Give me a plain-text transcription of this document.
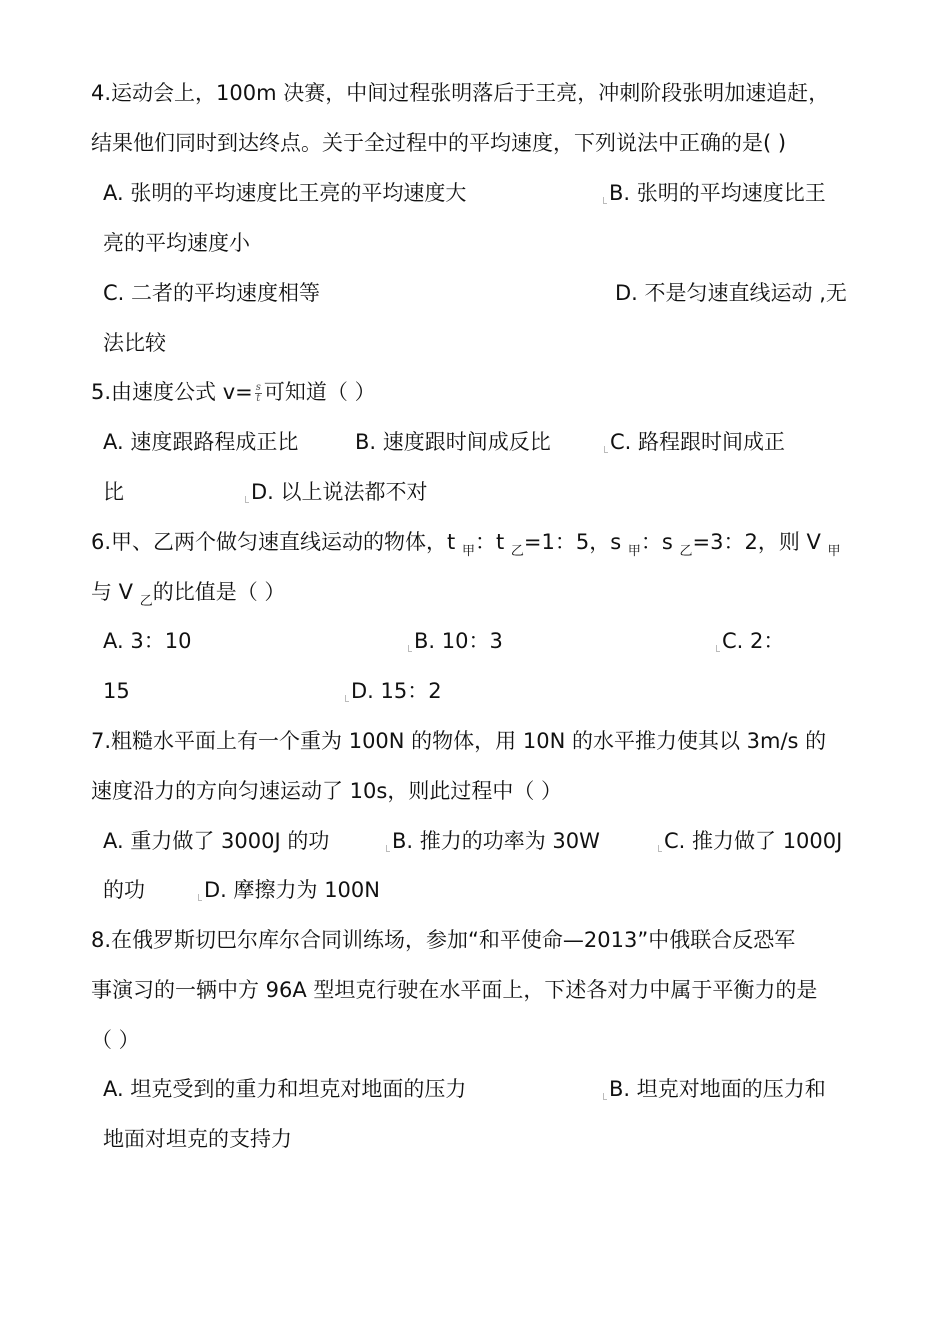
4.运动会上，100m 决赛，中间过程张明落后于王亮，冲刺阶段张明加速追赶，
结果他们同时到达终点。关于全过程中的平均速度，下列说法中正确的是( )
A. 张明的平均速度比王亮的平均速度大	B. 张明的平均速度比王
亮的平均速度小
C. 二者的平均速度相等	D. 不是匀速直线运动 ,无
法比较
5.由速度公式 $v= \frac{s}{t}$ 可知道（ ）
A. 速度跟路程成正比	B. 速度跟时间成反比	C. 路程跟时间成正
比	D. 以上说法都不对
6.甲、乙两个做匀速直线运动的物体，t $_甲$：t $_乙$=1：5，s $_甲$：s $_乙$=3：2，则 V $_甲$
与 V $_乙$的比值是（ ）
A. 3：10	B. 10：3	C. 2：
15	D. 15：2
7.粗糙水平面上有一个重为 100N 的物体，用 10N 的水平推力使其以 3m/s 的
速度沿力的方向匀速运动了 10s，则此过程中（ ）
A. 重力做了 3000J 的功	B. 推力的功率为 30W	C. 推力做了 1000J
的功	D. 摩擦力为 100N
8.在俄罗斯切巴尔库尔合同训练场，参加“和平使命—2013”中俄联合反恐军
事演习的一辆中方 96A 型坦克行驶在水平面上，下述各对力中属于平衡力的是
（ ）
A. 坦克受到的重力和坦克对地面的压力	B. 坦克对地面的压力和
地面对坦克的支持力
